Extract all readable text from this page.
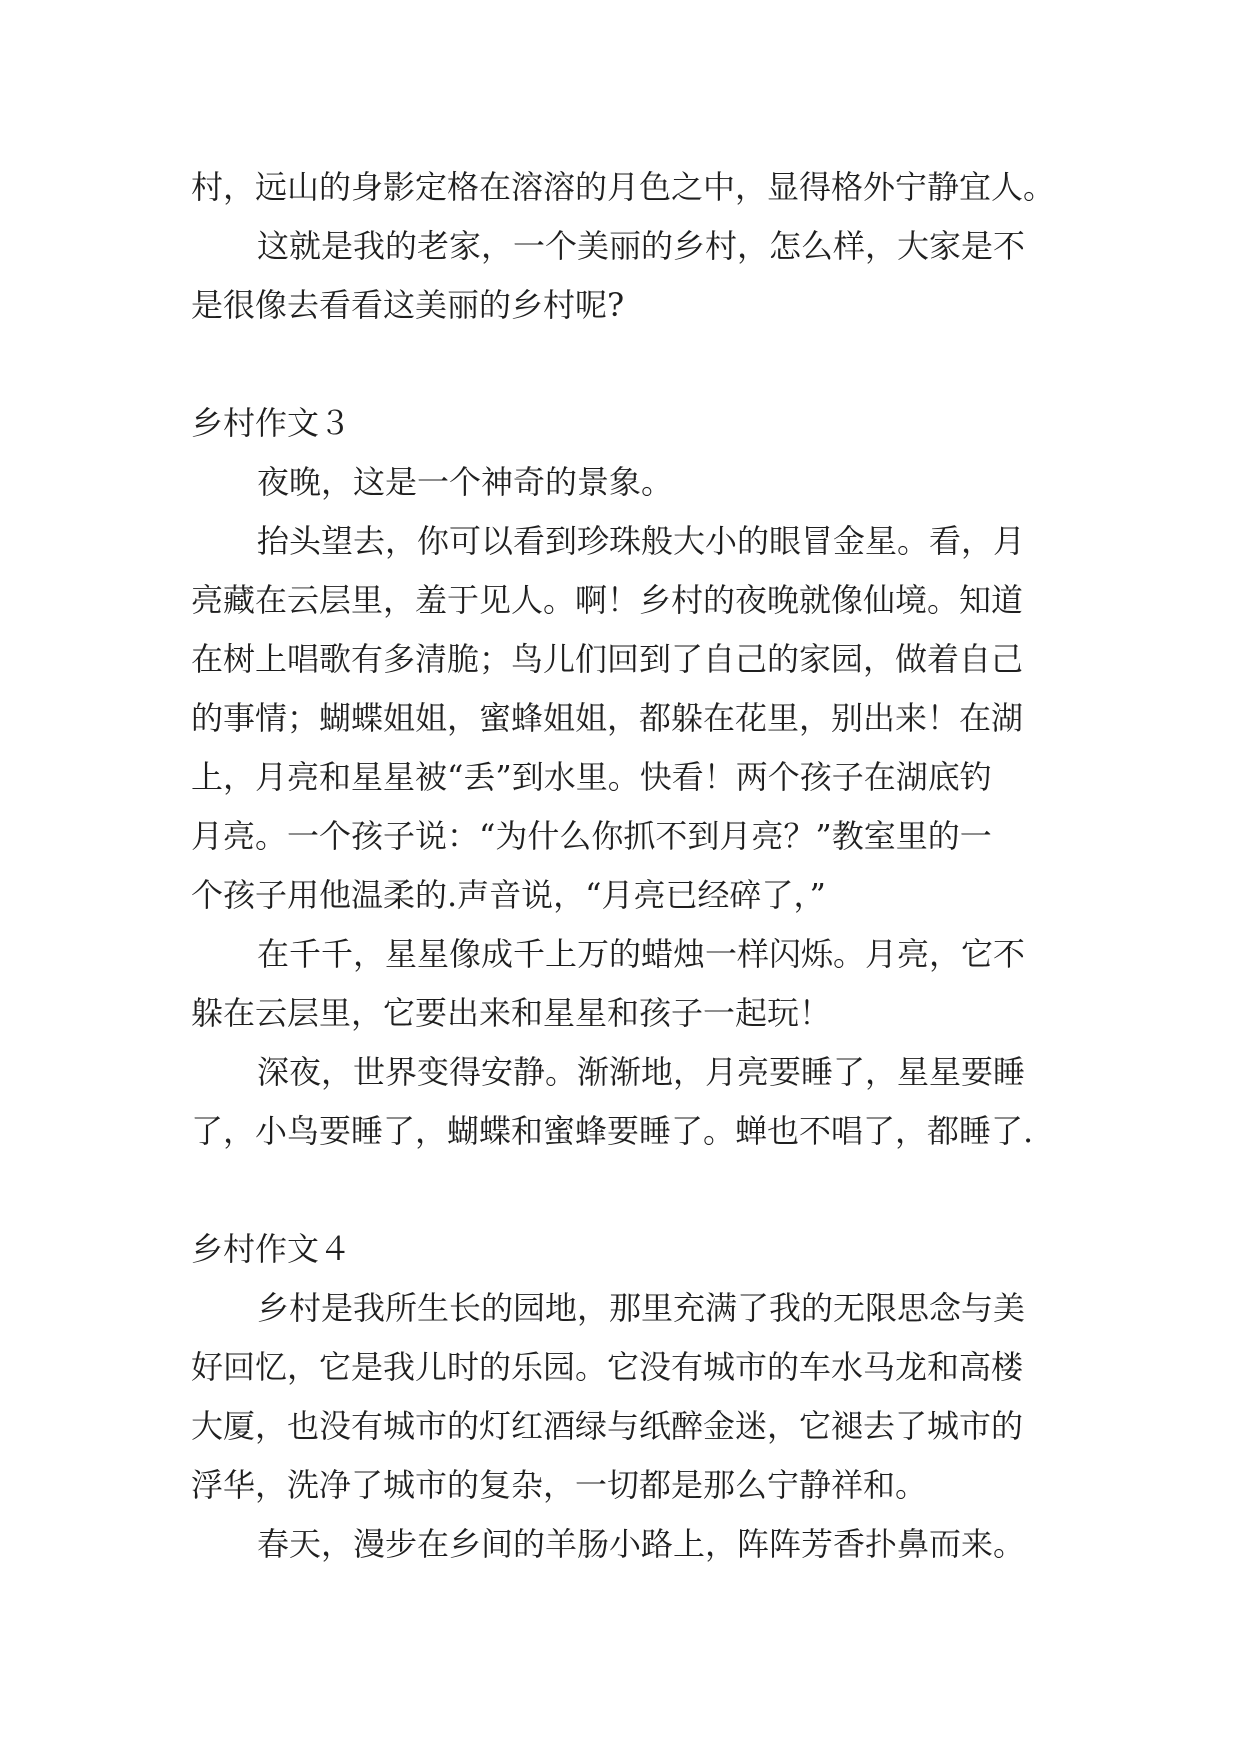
村，远山的身影定格在溶溶的月色之中，显得格外宁静宜人。
这就是我的老家，一个美丽的乡村，怎么样，大家是不
是很像去看看这美丽的乡村呢?
乡村作文３
夜晚，这是一个神奇的景象。
抬头望去，你可以看到珍珠般大小的眼冒金星。看，月
亮藏在云层里，羞于见人。啊！乡村的夜晚就像仙境。知道
在树上唱歌有多清脆；鸟儿们回到了自己的家园，做着自己
的事情；蝴蝶姐姐，蜜蜂姐姐，都躲在花里，别出来！在湖
上，月亮和星星被“丢”到水里。快看！两个孩子在湖底钓
月亮。一个孩子说：“为什么你抓不到月亮？”教室里的一
个孩子用他温柔的.声音说，“月亮已经碎了，”
在千千，星星像成千上万的蜡烛一样闪烁。月亮，它不
躲在云层里，它要出来和星星和孩子一起玩！
深夜，世界变得安静。渐渐地，月亮要睡了，星星要睡
了，小鸟要睡了，蝴蝶和蜜蜂要睡了。蝉也不唱了，都睡了.
乡村作文４
乡村是我所生长的园地，那里充满了我的无限思念与美
好回忆，它是我儿时的乐园。它没有城市的车水马龙和高楼
大厦，也没有城市的灯红酒绿与纸醉金迷，它褪去了城市的
浮华，洗净了城市的复杂，一切都是那么宁静祥和。
春天，漫步在乡间的羊肠小路上，阵阵芳香扑鼻而来。
